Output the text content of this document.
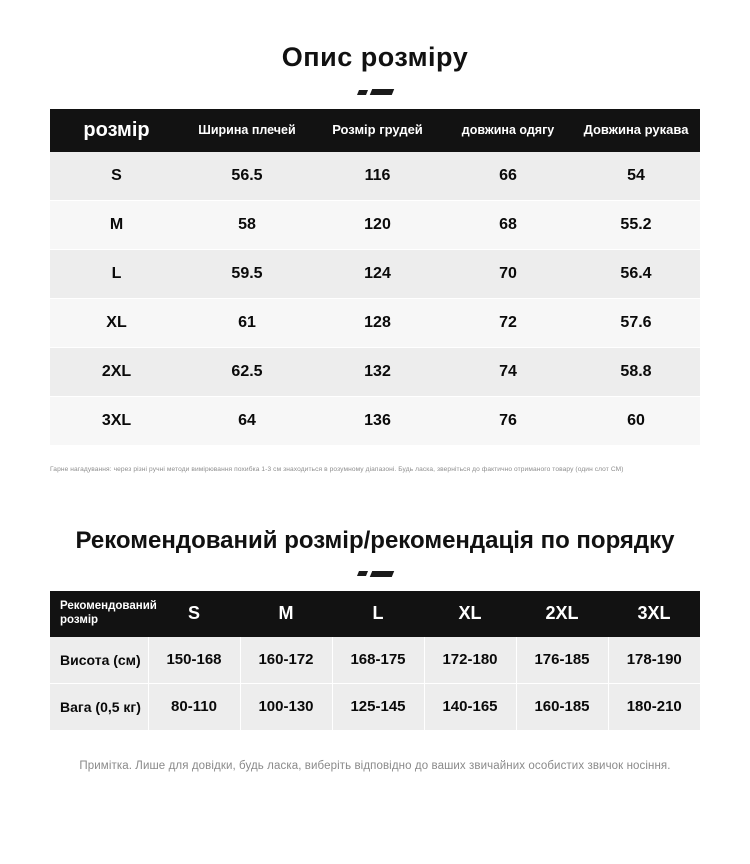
Опис розміру
розмір	Ширина плечей	Розмір грудей	довжина одягу	Довжина рукава
S	56.5	116	66	54
M	58	120	68	55.2
L	59.5	124	70	56.4
XL	61	128	72	57.6
2XL	62.5	132	74	58.8
3XL	64	136	76	60
Гарне нагадування: через різні ручні методи вимірювання похибка 1-3 см знаходиться в розумному діапазоні. Будь ласка, зверніться до фактично отриманого товару (один слот СМ)
Рекомендований розмір/рекомендація по порядку
Рекомендований розмір	S	M	L	XL	2XL	3XL
Висота (см)	150-168	160-172	168-175	172-180	176-185	178-190
Вага (0,5 кг)	80-110	100-130	125-145	140-165	160-185	180-210
Примітка. Лише для довідки, будь ласка, виберіть відповідно до ваших звичайних особистих звичок носіння.
